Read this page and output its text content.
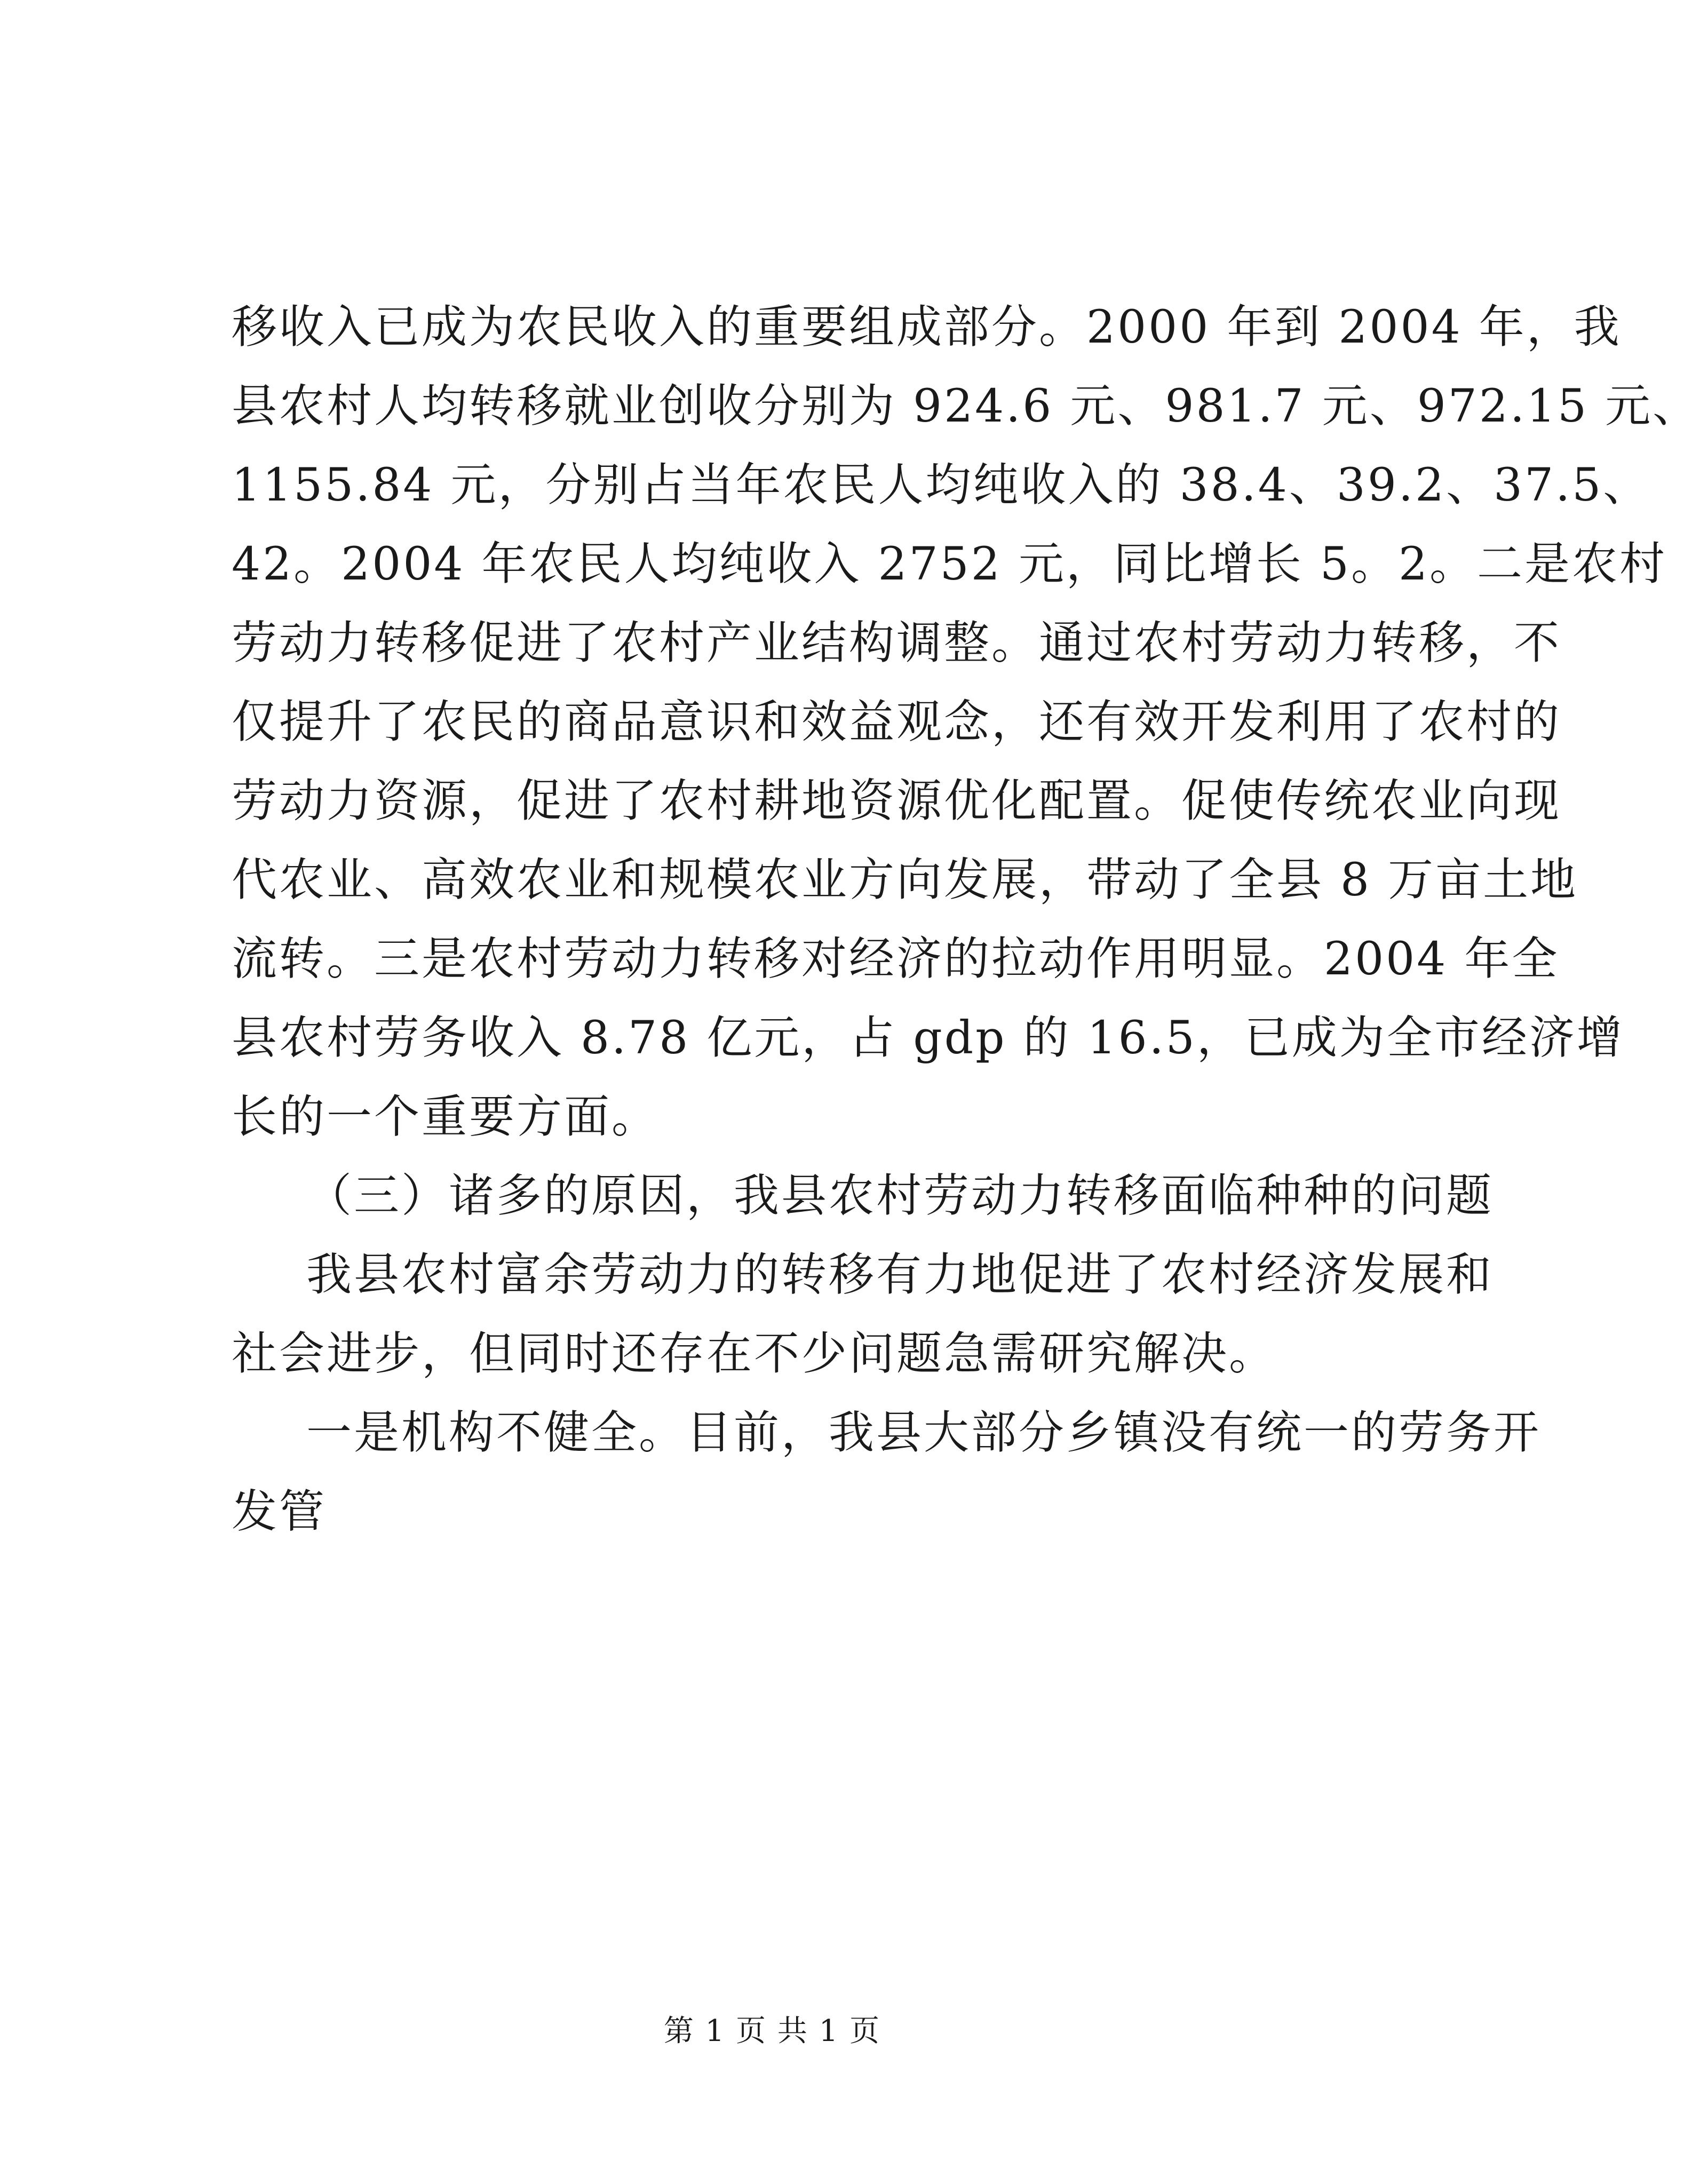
移收入已成为农民收入的重要组成部分。2000 年到 2004 年，我
县农村人均转移就业创收分别为 924.6 元、981.7 元、972.15 元、
1155.84 元，分别占当年农民人均纯收入的 38.4、39.2、37.5、
42。2004 年农民人均纯收入 2752 元，同比增长 5。2。二是农村
劳动力转移促进了农村产业结构调整。通过农村劳动力转移，不
仅提升了农民的商品意识和效益观念，还有效开发利用了农村的
劳动力资源，促进了农村耕地资源优化配置。促使传统农业向现
代农业、高效农业和规模农业方向发展，带动了全县 8 万亩土地
流转。三是农村劳动力转移对经济的拉动作用明显。2004 年全
县农村劳务收入 8.78 亿元，占 gdp 的 16.5，已成为全市经济增
长的一个重要方面。
（三）诸多的原因，我县农村劳动力转移面临种种的问题
我县农村富余劳动力的转移有力地促进了农村经济发展和
社会进步，但同时还存在不少问题急需研究解决。
一是机构不健全。目前，我县大部分乡镇没有统一的劳务开
发管
第 1 页 共 1 页
